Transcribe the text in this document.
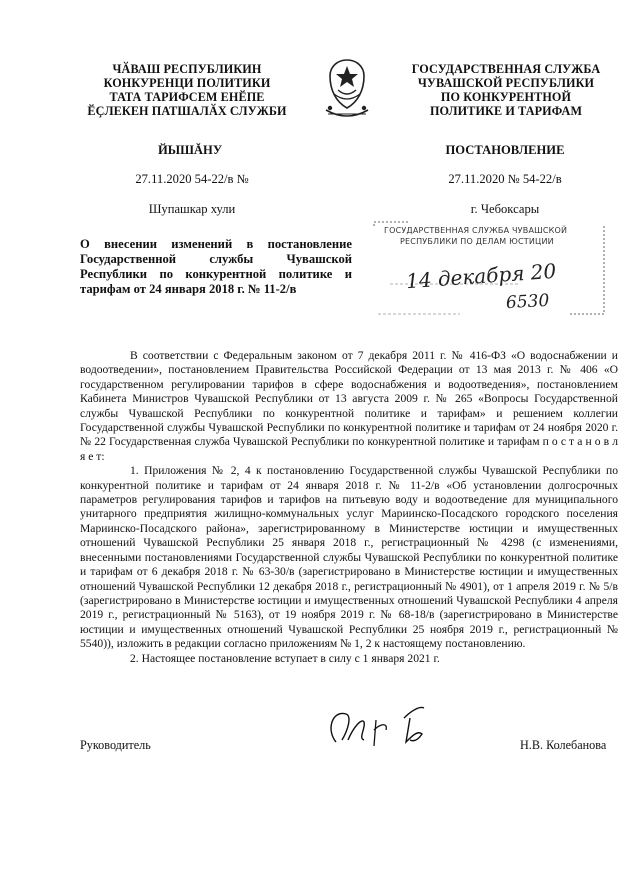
ЧӐВАШ РЕСПУБЛИКИН
КОНКУРЕНЦИ ПОЛИТИКИ
ТАТА ТАРИФСЕМ ЕНӖПЕ
ӖҪЛЕКЕН ПАТШАЛӐХ СЛУЖБИ
ГОСУДАРСТВЕННАЯ СЛУЖБА
ЧУВАШСКОЙ РЕСПУБЛИКИ
ПО КОНКУРЕНТНОЙ
ПОЛИТИКЕ И ТАРИФАМ
ЙЫШĂНУ	ПОСТАНОВЛЕНИЕ
27.11.2020 54-22/в №	27.11.2020 № 54-22/в
Шупашкар хули	г. Чебоксары
О внесении изменений в постановление Государственной службы Чувашской Республики по конкурентной политике и тарифам от 24 января 2018 г. № 11-2/в
ГОСУДАРСТВЕННАЯ СЛУЖБА ЧУВАШСКОЙ
РЕСПУБЛИКИ ПО ДЕЛАМ ЮСТИЦИИ
14 декабря 20
6530

В соответствии с Федеральным законом от 7 декабря 2011 г. № 416-ФЗ «О водоснабжении и водоотведении», постановлением Правительства Российской Федерации от 13 мая 2013 г. № 406 «О государственном регулировании тарифов в сфере водоснабжения и водоотведения», постановлением Кабинета Министров Чувашской Республики от 13 августа 2009 г. № 265 «Вопросы Государственной службы Чувашской Республики по конкурентной политике и тарифам» и решением коллегии Государственной службы Чувашской Республики по конкурентной политике и тарифам от 24 ноября 2020 г. № 22 Государственная служба Чувашской Республики по конкурентной политике и тарифам п о с т а н о в л я е т:

1. Приложения № 2, 4 к постановлению Государственной службы Чувашской Республики по конкурентной политике и тарифам от 24 января 2018 г. № 11-2/в «Об установлении долгосрочных параметров регулирования тарифов и тарифов на питьевую воду и водоотведение для муниципального унитарного предприятия жилищно-коммунальных услуг Мариинско-Посадского городского поселения Мариинско-Посадского района», зарегистрированному в Министерстве юстиции и имущественных отношений Чувашской Республики 25 января 2018 г., регистрационный № 4298 (с изменениями, внесенными постановлениями Государственной службы Чувашской Республики по конкурентной политике и тарифам от 6 декабря 2018 г. № 63-30/в (зарегистрировано в Министерстве юстиции и имущественных отношений Чувашской Республики 12 декабря 2018 г., регистрационный № 4901), от 1 апреля 2019 г. № 5/в (зарегистрировано в Министерстве юстиции и имущественных отношений Чувашской Республики 4 апреля 2019 г., регистрационный № 5163), от 19 ноября 2019 г. № 68-18/в (зарегистрировано в Министерстве юстиции и имущественных отношений Чувашской Республики 25 ноября 2019 г., регистрационный № 5540)), изложить в редакции согласно приложениям № 1, 2 к настоящему постановлению.

2. Настоящее постановление вступает в силу с 1 января 2021 г.

Руководитель	Н.В. Колебанова
